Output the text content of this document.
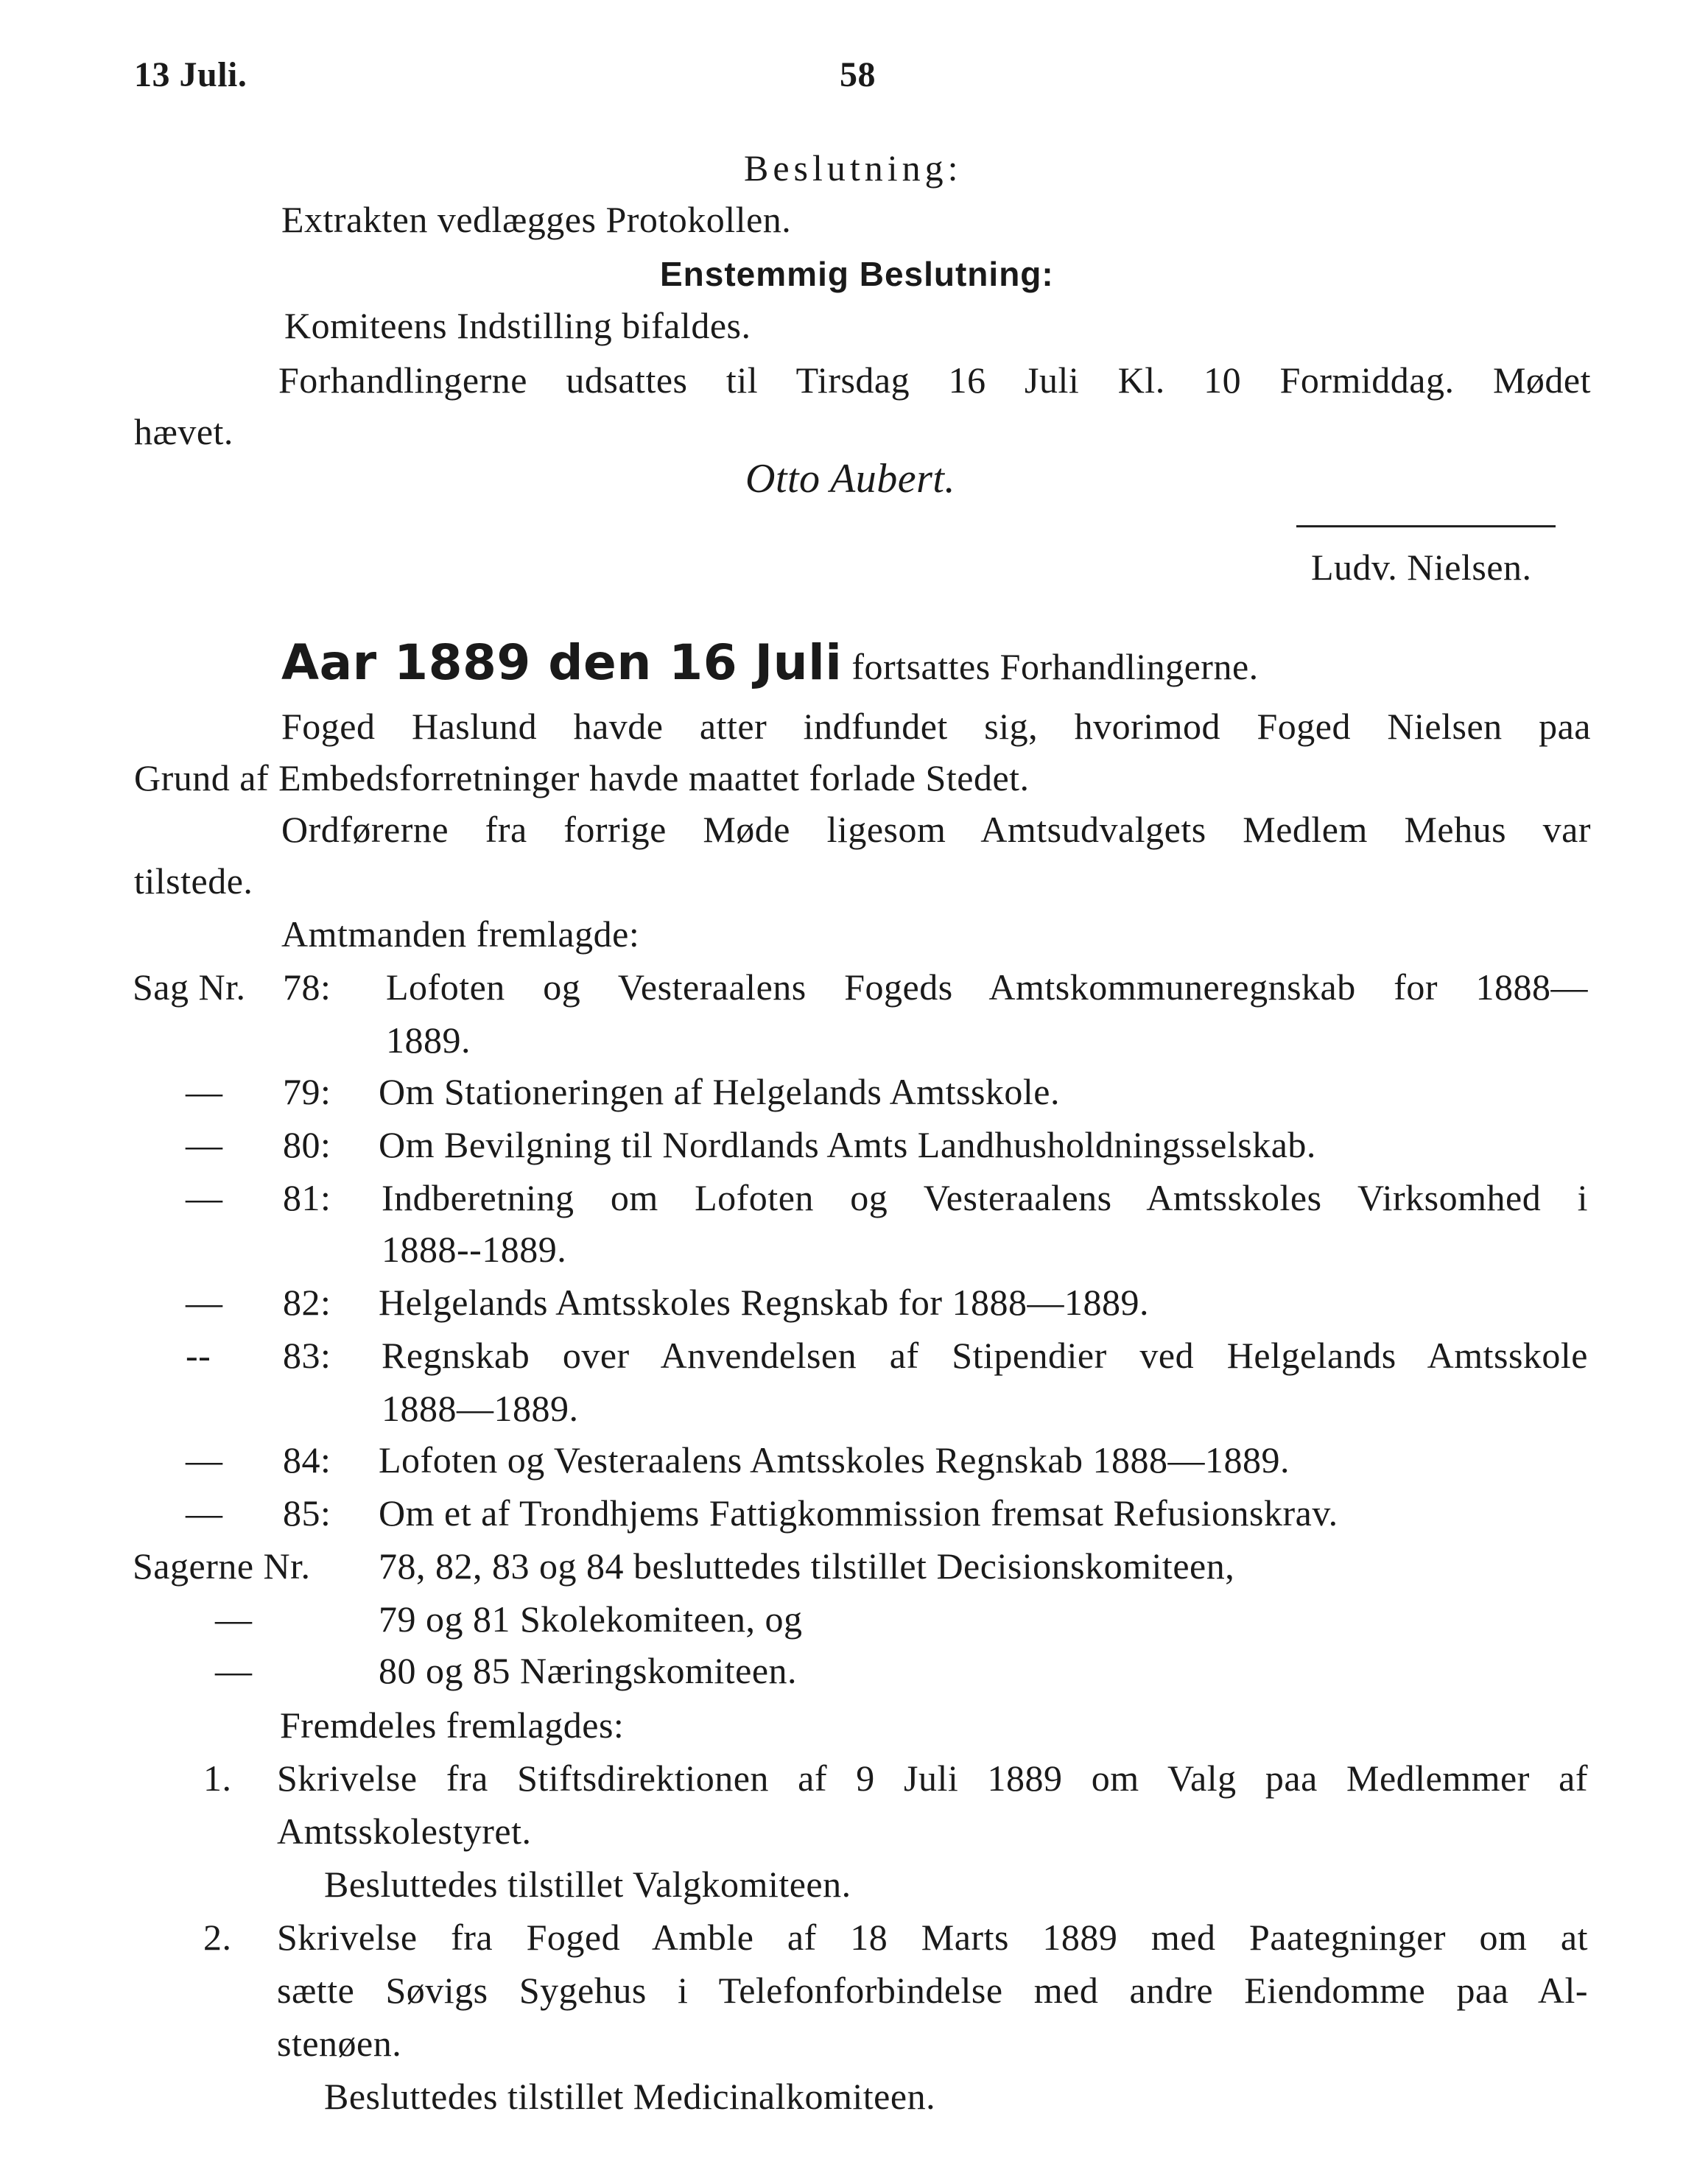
13 Juli.	58
Beslutning:
Extrakten vedlægges Protokollen.
Enstemmig Beslutning:
Komiteens Indstilling bifaldes.
Forhandlingerne udsattes til Tirsdag 16 Juli Kl. 10 Formiddag. Mødet
hævet.
Otto Aubert.
Ludv. Nielsen.
Aar 1889 den 16 Juli fortsattes Forhandlingerne.
Foged Haslund havde atter indfundet sig, hvorimod Foged Nielsen paa
Grund af Embedsforretninger havde maattet forlade Stedet.
Ordførerne fra forrige Møde ligesom Amtsudvalgets Medlem Mehus var
tilstede.
Amtmanden fremlagde:
Sag Nr. 78: Lofoten og Vesteraalens Fogeds Amtskommuneregnskab for 1888—
1889.
— 79: Om Stationeringen af Helgelands Amtsskole.
— 80: Om Bevilgning til Nordlands Amts Landhusholdningsselskab.
— 81: Indberetning om Lofoten og Vesteraalens Amtsskoles Virksomhed i
1888--1889.
— 82: Helgelands Amtsskoles Regnskab for 1888—1889.
-- 83: Regnskab over Anvendelsen af Stipendier ved Helgelands Amtsskole
1888—1889.
— 84: Lofoten og Vesteraalens Amtsskoles Regnskab 1888—1889.
— 85: Om et af Trondhjems Fattigkommission fremsat Refusionskrav.
Sagerne Nr. 78, 82, 83 og 84 besluttedes tilstillet Decisionskomiteen,
—	79 og 81 Skolekomiteen, og
—	80 og 85 Næringskomiteen.
Fremdeles fremlagdes:
1. Skrivelse fra Stiftsdirektionen af 9 Juli 1889 om Valg paa Medlemmer af
Amtsskolestyret.
Besluttedes tilstillet Valgkomiteen.
2. Skrivelse fra Foged Amble af 18 Marts 1889 med Paategninger om at
sætte Søvigs Sygehus i Telefonforbindelse med andre Eiendomme paa Al-
stenøen.
Besluttedes tilstillet Medicinalkomiteen.
